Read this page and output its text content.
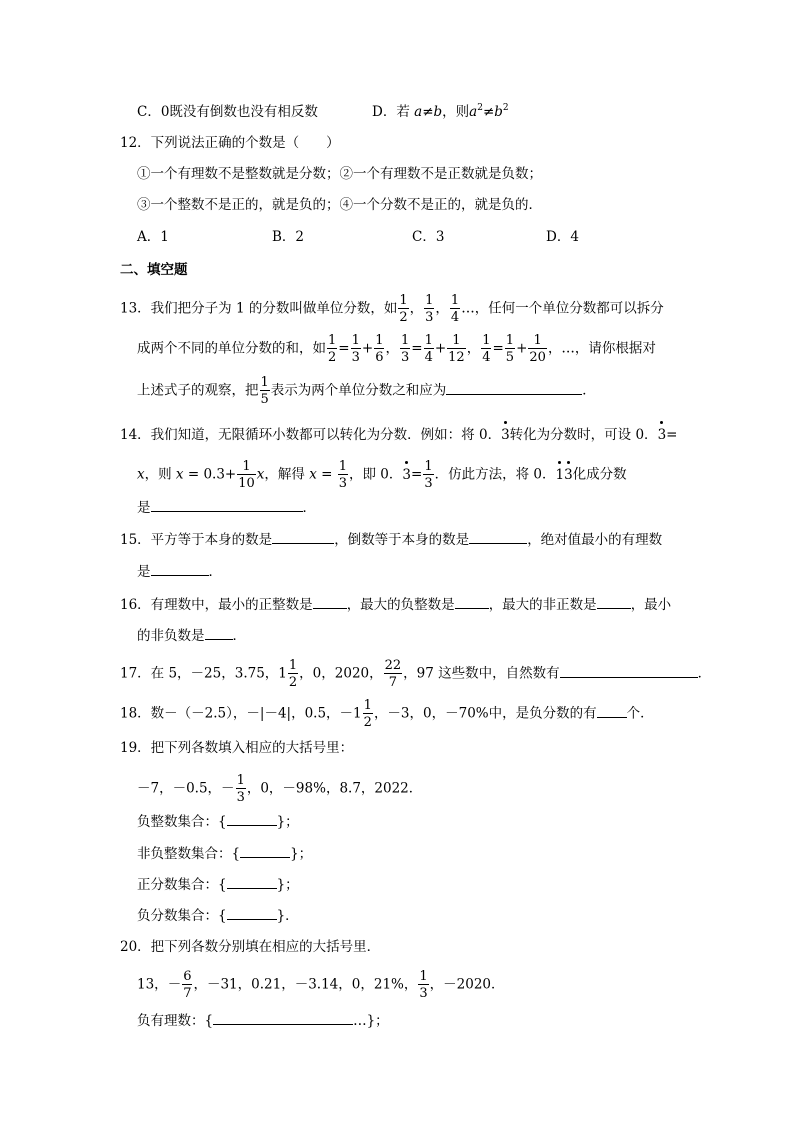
C．0既没有倒数也没有相反数	D．若 a≠b，则$a^2\ne b^2$
12．下列说法正确的个数是（　　）
①一个有理数不是整数就是分数；②一个有理数不是正数就是负数；
③一个整数不是正的，就是负的；④一个分数不是正的，就是负的．
A．1	B．2	C．3	D．4
二、填空题
13．我们把分子为 1 的分数叫做单位分数，如 $\frac{1}{2}$ ， $\frac{1}{3}$ ， $\frac{1}{4}$ …，任何一个单位分数都可以拆分
成两个不同的单位分数的和，如 $\frac{1}{2} = \frac{1}{3} + \frac{1}{6}$ ， $\frac{1}{3} = \frac{1}{4} + \frac{1}{12}$ ， $\frac{1}{4} = \frac{1}{5} + \frac{1}{20}$ ，…，请你根据对
上述式子的观察，把 $\frac{1}{5}$ 表示为两个单位分数之和应为	．
14．我们知道，无限循环小数都可以转化为分数．例如：将 0．3转化为分数时，可设 0．3=
x，则 $x = 0.3+ \frac{1}{10}$ x，解得 $x = \frac{1}{3}$ ，即 0．$3= \frac{1}{3}$ ．仿此方法，将 0．13化成分数
是	．
15．平方等于本身的数是	，倒数等于本身的数是	，绝对值最小的有理数
是	．
16．有理数中，最小的正整数是	，最大的负整数是	，最大的非正数是	，最小
的非负数是 ．
17．在 5，－25，3.75，$1 \frac{1}{2}$ ，0，2020， $\frac{22}{7}$ ，97 这些数中，自然数有	．
18．数－（－2.5），－|－4|，0.5，$-1 \frac{1}{2}$ ，－3，0，－70%中，是负分数的有 个．
19．把下列各数填入相应的大括号里：
－7，－0.5，－ $\frac{1}{3}$ ，0，－98%，8.7，2022．
负整数集合：{	}；
非负整数集合：{	}；
正分数集合：{	}；
负分数集合：{	}．
20．把下列各数分别填在相应的大括号里．
13，－ $\frac{6}{7}$ ，－31，0.21，－3.14，0，21%， $\frac{1}{3}$ ，－2020．
负有理数：{	…}；
